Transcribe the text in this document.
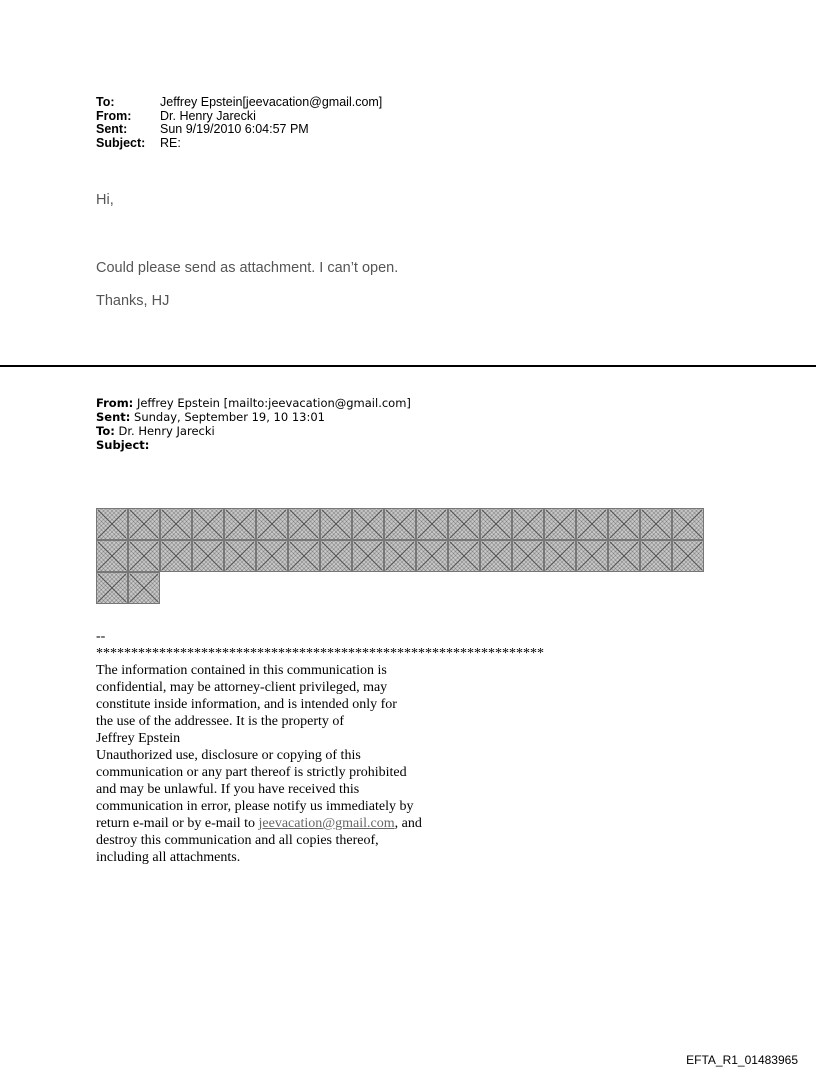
To:	Jeffrey Epstein[jeevacation@gmail.com]
From:	Dr. Henry Jarecki
Sent:	Sun 9/19/2010 6:04:57 PM
Subject:	RE:
Hi,
Could please send as attachment. I can’t open.
Thanks, HJ
From: Jeffrey Epstein [mailto:jeevacation@gmail.com]
Sent: Sunday, September 19, 10 13:01
To: Dr. Henry Jarecki
Subject:
--
****************************************************************
The information contained in this communication is
confidential, may be attorney-client privileged, may
constitute inside information, and is intended only for
the use of the addressee. It is the property of
Jeffrey Epstein
Unauthorized use, disclosure or copying of this
communication or any part thereof is strictly prohibited
and may be unlawful. If you have received this
communication in error, please notify us immediately by
return e-mail or by e-mail to jeevacation@gmail.com, and
destroy this communication and all copies thereof,
including all attachments.
EFTA_R1_01483965
